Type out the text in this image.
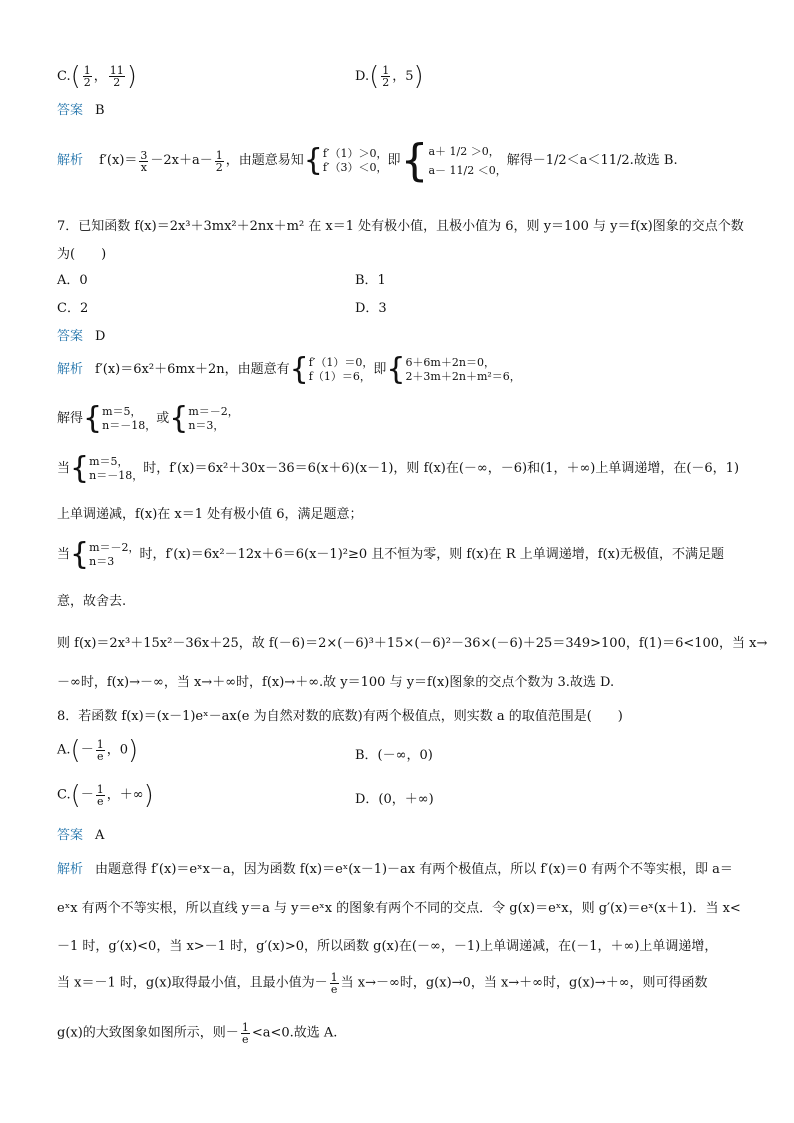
$C.( \frac{1}{2}$ ， $\frac{11}{2}$ )	$D.( \frac{1}{2}$ ，5)
答案 B
解析 $f'(x)= \frac{3}{x} -2x+a- \frac{1}{2}$ ，由题意易知{ f′（1）＞0，
f′（3）＜0， 即{ a＋ 1/2 ＞0，
a－ 11/2 ＜0，
解得－1/2＜a＜11/2.故选 B.
7．已知函数 f(x)＝2x³＋3mx²＋2nx＋m² 在 x＝1 处有极小值，且极小值为 6，则 y＝100 与 y＝f(x)图象的交点个数
为(　　)
A．0	B．1
C．2	D．3
答案 D
解析 f′(x)＝6x²＋6mx＋2n，由题意有{ f′（1）＝0，
f（1）＝6， 即{ 6＋6m＋2n＝0，
2＋3m＋2n＋m²＝6，
解得{ m＝5，
n＝－18， 或{ m＝－2，
n＝3，
当{ m＝5，
n＝－18， 时，f′(x)＝6x²＋30x－36＝6(x＋6)(x－1)，则 f(x)在(－∞，－6)和(1，＋∞)上单调递增，在(－6，1)
上单调递减，f(x)在 x＝1 处有极小值 6，满足题意；
当{ m＝－2，
n＝3	时，f′(x)＝6x²－12x＋6＝6(x－1)²≥0 且不恒为零，则 f(x)在 R 上单调递增，f(x)无极值，不满足题
意，故舍去.
则 f(x)＝2x³＋15x²－36x＋25，故 f(－6)＝2×(－6)³＋15×(－6)²－36×(－6)＋25＝349>100，f(1)＝6<100，当 x→
－∞时，f(x)→－∞，当 x→＋∞时，f(x)→＋∞.故 y＝100 与 y＝f(x)图象的交点个数为 3.故选 D.
8．若函数 f(x)＝(x－1)eˣ－ax(e 为自然对数的底数)有两个极值点，则实数 a 的取值范围是(　　)
$A.(- \frac{1}{e}$ ，0)	B．(－∞，0)
$C.(- \frac{1}{e}$ ，＋∞)	D．(0，＋∞)
答案 A
解析 由题意得 f′(x)＝eˣx－a，因为函数 f(x)＝eˣ(x－1)－ax 有两个极值点，所以 f′(x)＝0 有两个不等实根，即 a＝
eˣx 有两个不等实根，所以直线 y＝a 与 y＝eˣx 的图象有两个不同的交点．令 g(x)＝eˣx，则 g′(x)＝eˣ(x＋1)．当 x<
－1 时，g′(x)<0，当 x>－1 时，g′(x)>0，所以函数 g(x)在(－∞，－1)上单调递减，在(－1，＋∞)上单调递增，
当 x＝－1 时，g(x)取得最小值，且最小值为－ $\frac{1}{e}$ 当 x→－∞时，g(x)→0，当 x→＋∞时，g(x)→＋∞，则可得函数
g(x)的大致图象如图所示，则－ $\frac{1}{e} <a<0$.故选 A.
